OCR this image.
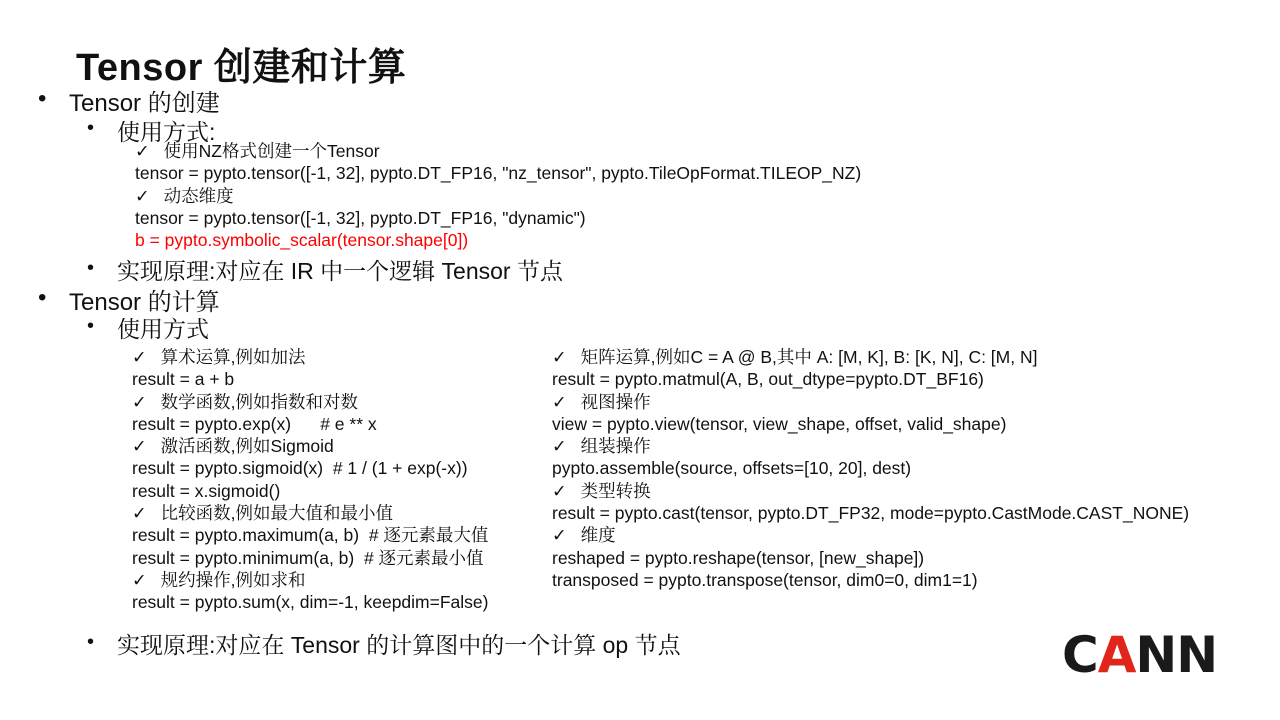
Tensor 创建和计算
• Tensor 的创建
• 使用方式:
✓ 使用NZ格式创建一个Tensor
tensor = pypto.tensor([-1, 32], pypto.DT_FP16, "nz_tensor", pypto.TileOpFormat.TILEOP_NZ)
✓ 动态维度
tensor = pypto.tensor([-1, 32], pypto.DT_FP16, "dynamic")
b = pypto.symbolic_scalar(tensor.shape[0])
• 实现原理:对应在 IR 中一个逻辑 Tensor 节点
• Tensor 的计算
• 使用方式
✓ 算术运算,例如加法
result = a + b
✓ 数学函数,例如指数和对数
result = pypto.exp(x)      # e ** x
✓ 激活函数,例如Sigmoid
result = pypto.sigmoid(x)  # 1 / (1 + exp(-x))
result = x.sigmoid()
✓ 比较函数,例如最大值和最小值
result = pypto.maximum(a, b)  # 逐元素最大值
result = pypto.minimum(a, b)  # 逐元素最小值
✓ 规约操作,例如求和
result = pypto.sum(x, dim=-1, keepdim=False)
✓ 矩阵运算,例如C = A @ B,其中 A: [M, K], B: [K, N], C: [M, N]
result = pypto.matmul(A, B, out_dtype=pypto.DT_BF16)
✓ 视图操作
view = pypto.view(tensor, view_shape, offset, valid_shape)
✓ 组装操作
pypto.assemble(source, offsets=[10, 20], dest)
✓ 类型转换
result = pypto.cast(tensor, pypto.DT_FP32, mode=pypto.CastMode.CAST_NONE)
✓ 维度
reshaped = pypto.reshape(tensor, [new_shape])
transposed = pypto.transpose(tensor, dim0=0, dim1=1)
• 实现原理:对应在 Tensor 的计算图中的一个计算 op 节点	CANN
